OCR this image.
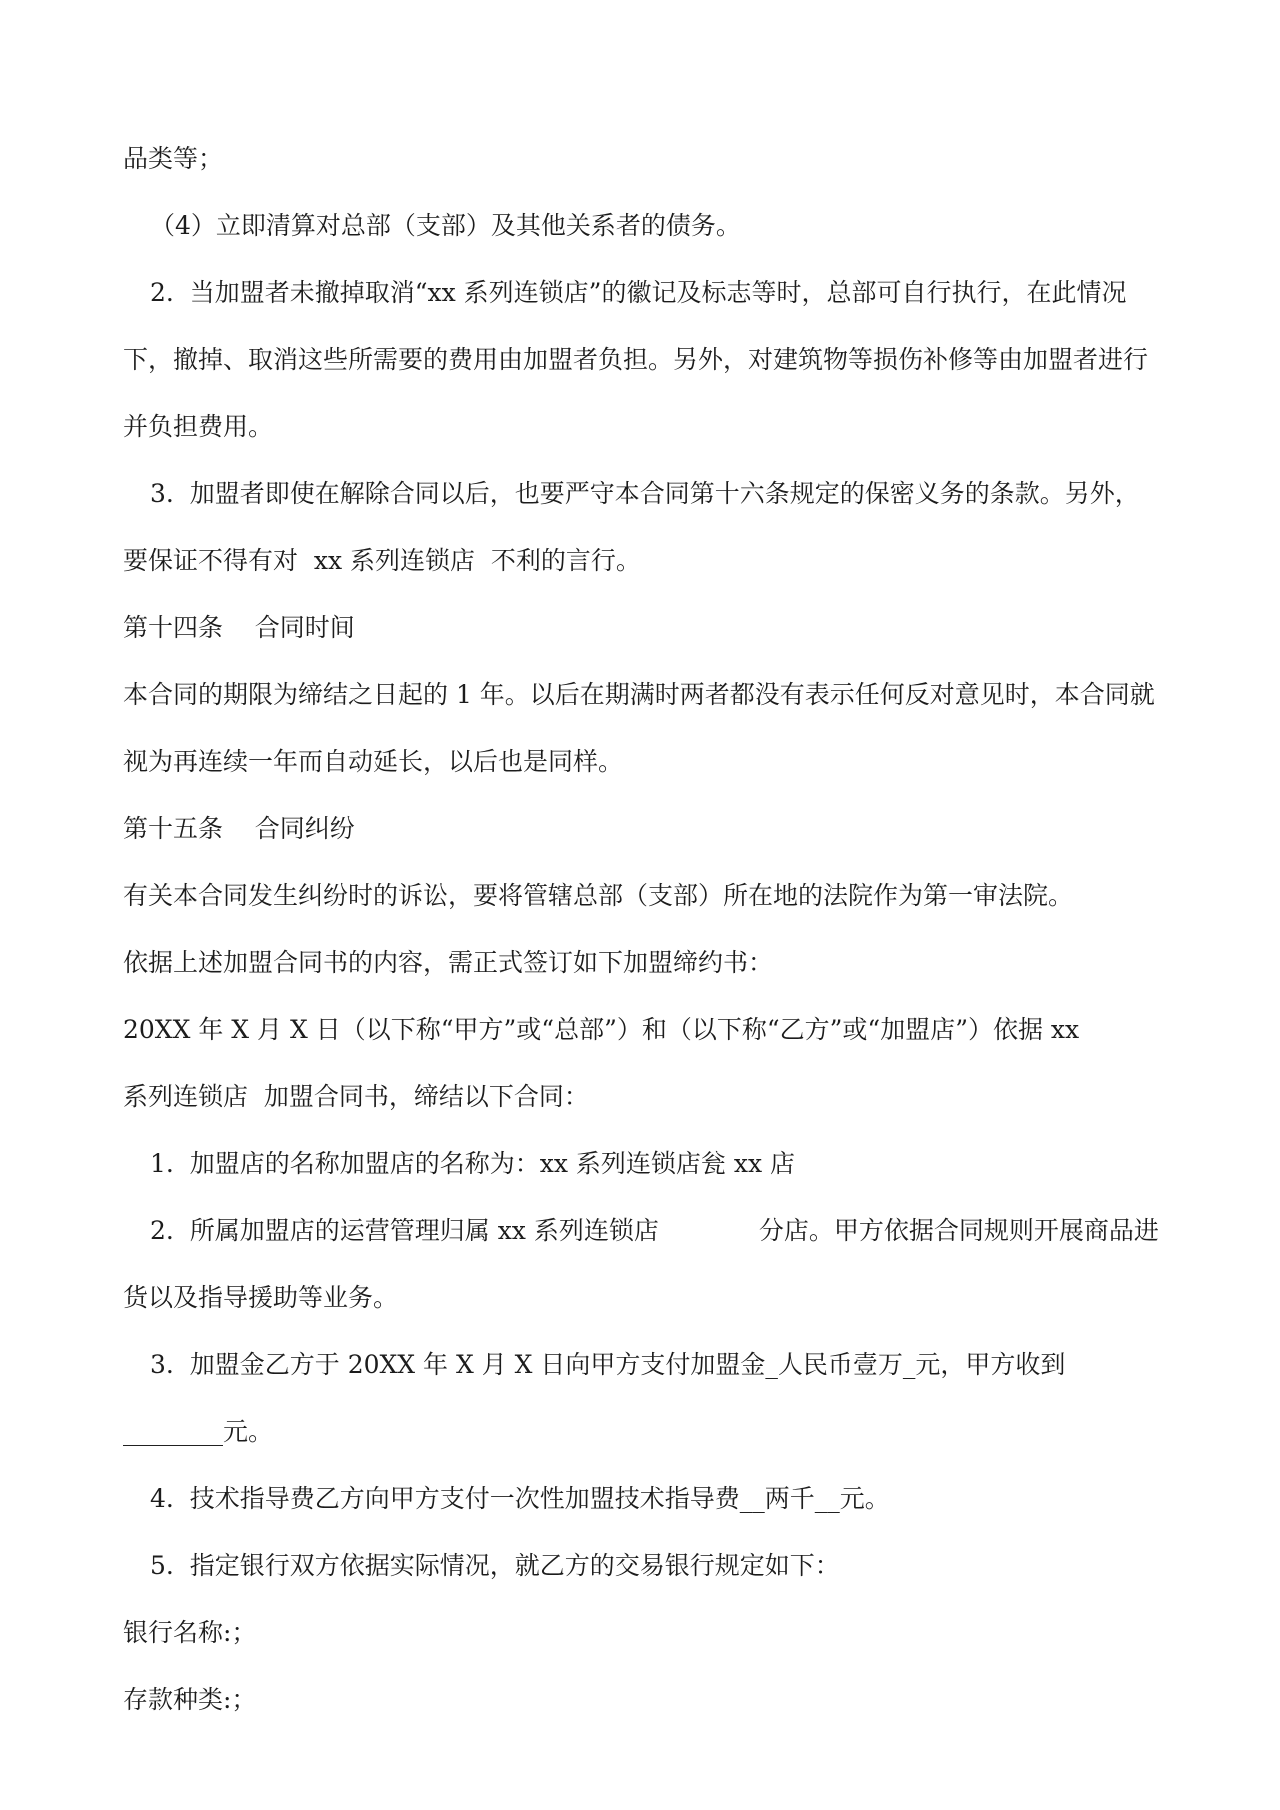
品类等；
（4）立即清算对总部（支部）及其他关系者的债务。
2.  当加盟者未撤掉取消“xx 系列连锁店”的徽记及标志等时，总部可自行执行，在此情况
下，撤掉、取消这些所需要的费用由加盟者负担。另外，对建筑物等损伤补修等由加盟者进行
并负担费用。
3.  加盟者即使在解除合同以后，也要严守本合同第十六条规定的保密义务的条款。另外，
要保证不得有对  xx 系列连锁店  不利的言行。
第十四条    合同时间
本合同的期限为缔结之日起的 1 年。以后在期满时两者都没有表示任何反对意见时，本合同就
视为再连续一年而自动延长，以后也是同样。
第十五条    合同纠纷
有关本合同发生纠纷时的诉讼，要将管辖总部（支部）所在地的法院作为第一审法院。
依据上述加盟合同书的内容，需正式签订如下加盟缔约书：
20XX 年 X 月 X 日（以下称“甲方”或“总部”）和（以下称“乙方”或“加盟店”）依据 xx
系列连锁店  加盟合同书，缔结以下合同：
1.  加盟店的名称加盟店的名称为：xx 系列连锁店瓮 xx 店
2.  所属加盟店的运营管理归属 xx 系列连锁店	分店。甲方依据合同规则开展商品进
货以及指导援助等业务。
3.  加盟金乙方于 20XX 年 X 月 X 日向甲方支付加盟金_人民币壹万_元，甲方收到
________元。
4.  技术指导费乙方向甲方支付一次性加盟技术指导费__两千__元。
5.  指定银行双方依据实际情况，就乙方的交易银行规定如下：
银行名称:；
存款种类:；
